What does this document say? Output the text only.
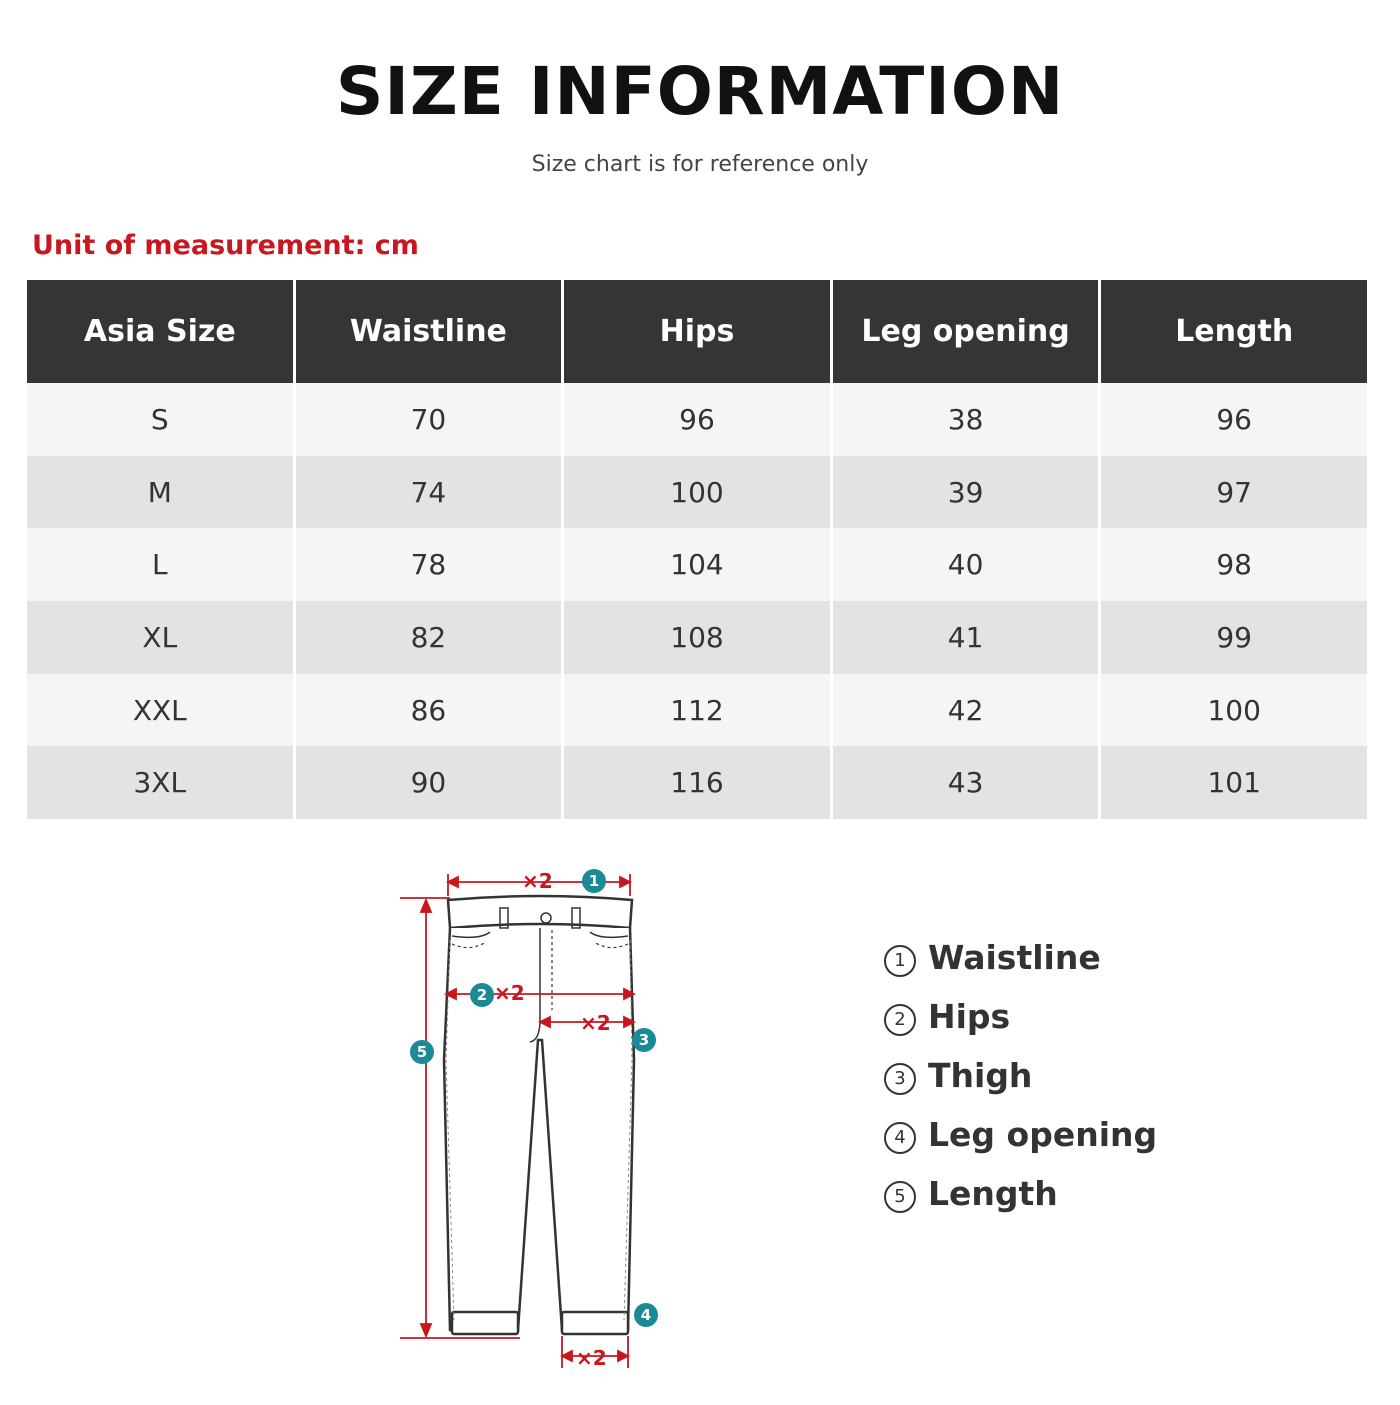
SIZE INFORMATION
Size chart is for reference only
Unit of measurement: cm
Asia Size	Waistline	Hips	Leg opening	Length
S	70	96	38	96
M	74	100	39	97
L	78	104	40	98
XL	82	108	41	99
XXL	86	112	42	100
3XL	90	116	43	101
×2
×2
×2
×2
1
2
3
4
5
1 Waistline
2 Hips
3 Thigh
4 Leg opening
5 Length
